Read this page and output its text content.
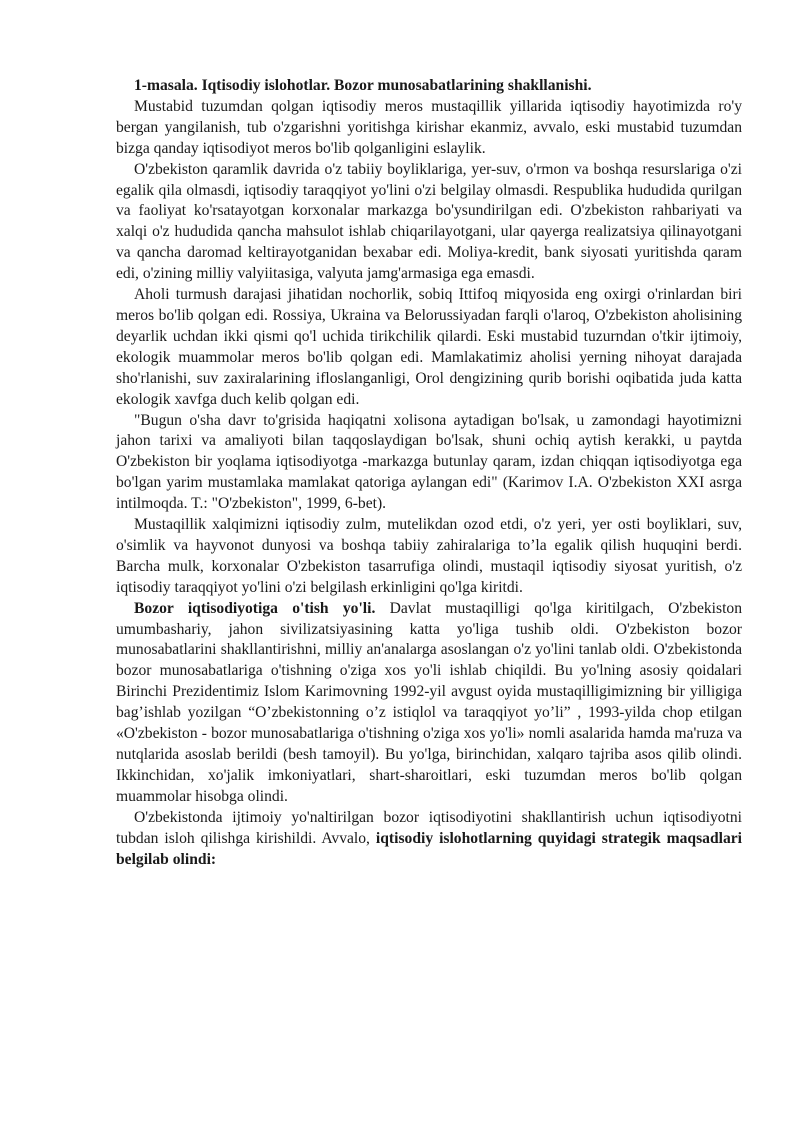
1-masala. Iqtisodiy islohotlar. Bozor munosabatlarining shakllanishi.

Mustabid tuzumdan qolgan iqtisodiy meros mustaqillik yillarida iqtisodiy hayotimizda ro'y bergan yangilanish, tub o'zgarishni yoritishga kirishar ekanmiz, avvalo, eski mustabid tuzumdan bizga qanday iqtisodiyot meros bo'lib qolganligini eslaylik.

O'zbekiston qaramlik davrida o'z tabiiy boyliklariga, yer-suv, o'rmon va boshqa resurslariga o'zi egalik qila olmasdi, iqtisodiy taraqqiyot yo'lini o'zi belgilay olmasdi. Respublika hududida qurilgan va faoliyat ko'rsatayotgan korxonalar markazga bo'ysundirilgan edi. O'zbekiston rahbariyati va xalqi o'z hududida qancha mahsulot ishlab chiqarilayotgani, ular qayerga realizatsiya qilinayotgani va qancha daromad keltirayotganidan bexabar edi. Moliya-kredit, bank siyosati yuritishda qaram edi, o'zining milliy valyiitasiga, valyuta jamg'armasiga ega emasdi.

Aholi turmush darajasi jihatidan nochorlik, sobiq Ittifoq miqyosida eng oxirgi o'rinlardan biri meros bo'lib qolgan edi. Rossiya, Ukraina va Belorussiyadan farqli o'laroq, O'zbekiston aholisining deyarlik uchdan ikki qismi qo'l uchida tirikchilik qilardi. Eski mustabid tuzurndan o'tkir ijtimoiy, ekologik muammolar meros bo'lib qolgan edi. Mamlakatimiz aholisi yerning nihoyat darajada sho'rlanishi, suv zaxiralarining ifloslanganligi, Orol dengizining qurib borishi oqibatida juda katta ekologik xavfga duch kelib qolgan edi.

"Bugun o'sha davr to'grisida haqiqatni xolisona aytadigan bo'lsak, u zamondagi hayotimizni jahon tarixi va amaliyoti bilan taqqoslaydigan bo'lsak, shuni ochiq aytish kerakki, u paytda O'zbekiston bir yoqlama iqtisodiyotga -markazga butunlay qaram, izdan chiqqan iqtisodiyotga ega bo'lgan yarim mustamlaka mamlakat qatoriga aylangan edi" (Karimov I.A. O'zbekiston XXI asrga intilmoqda. T.: "O'zbekiston", 1999, 6-bet).

Mustaqillik xalqimizni iqtisodiy zulm, mutelikdan ozod etdi, o'z yeri, yer osti boyliklari, suv, o'simlik va hayvonot dunyosi va boshqa tabiiy zahiralariga to’la egalik qilish huquqini berdi. Barcha mulk, korxonalar O'zbekiston tasarrufiga olindi, mustaqil iqtisodiy siyosat yuritish, o'z iqtisodiy taraqqiyot yo'lini o'zi belgilash erkinligini qo'lga kiritdi.

Bozor iqtisodiyotiga o'tish yo'li. Davlat mustaqilligi qo'lga kiritilgach, O'zbekiston umumbashariy, jahon sivilizatsiyasining katta yo'liga tushib oldi. O'zbekiston bozor munosabatlarini shakllantirishni, milliy an'analarga asoslangan o'z yo'lini tanlab oldi. O'zbekistonda bozor munosabatlariga o'tishning o'ziga xos yo'li ishlab chiqildi. Bu yo'lning asosiy qoidalari Birinchi Prezidentimiz Islom Karimovning 1992-yil avgust oyida mustaqilligimizning bir yilligiga bag’ishlab yozilgan “O’zbekistonning o’z istiqlol va taraqqiyot yo’li” , 1993-yilda chop etilgan «O'zbekiston - bozor munosabatlariga o'tishning o'ziga xos yo'li» nomli asalarida hamda ma'ruza va nutqlarida asoslab berildi (besh tamoyil). Bu yo'lga, birinchidan, xalqaro tajriba asos qilib olindi. Ikkinchidan, xo'jalik imkoniyatlari, shart-sharoitlari, eski tuzumdan meros bo'lib qolgan muammolar hisobga olindi.

O'zbekistonda ijtimoiy yo'naltirilgan bozor iqtisodiyotini shakllantirish uchun iqtisodiyotni tubdan isloh qilishga kirishildi. Avvalo, iqtisodiy islohotlarning quyidagi strategik maqsadlari belgilab olindi:
